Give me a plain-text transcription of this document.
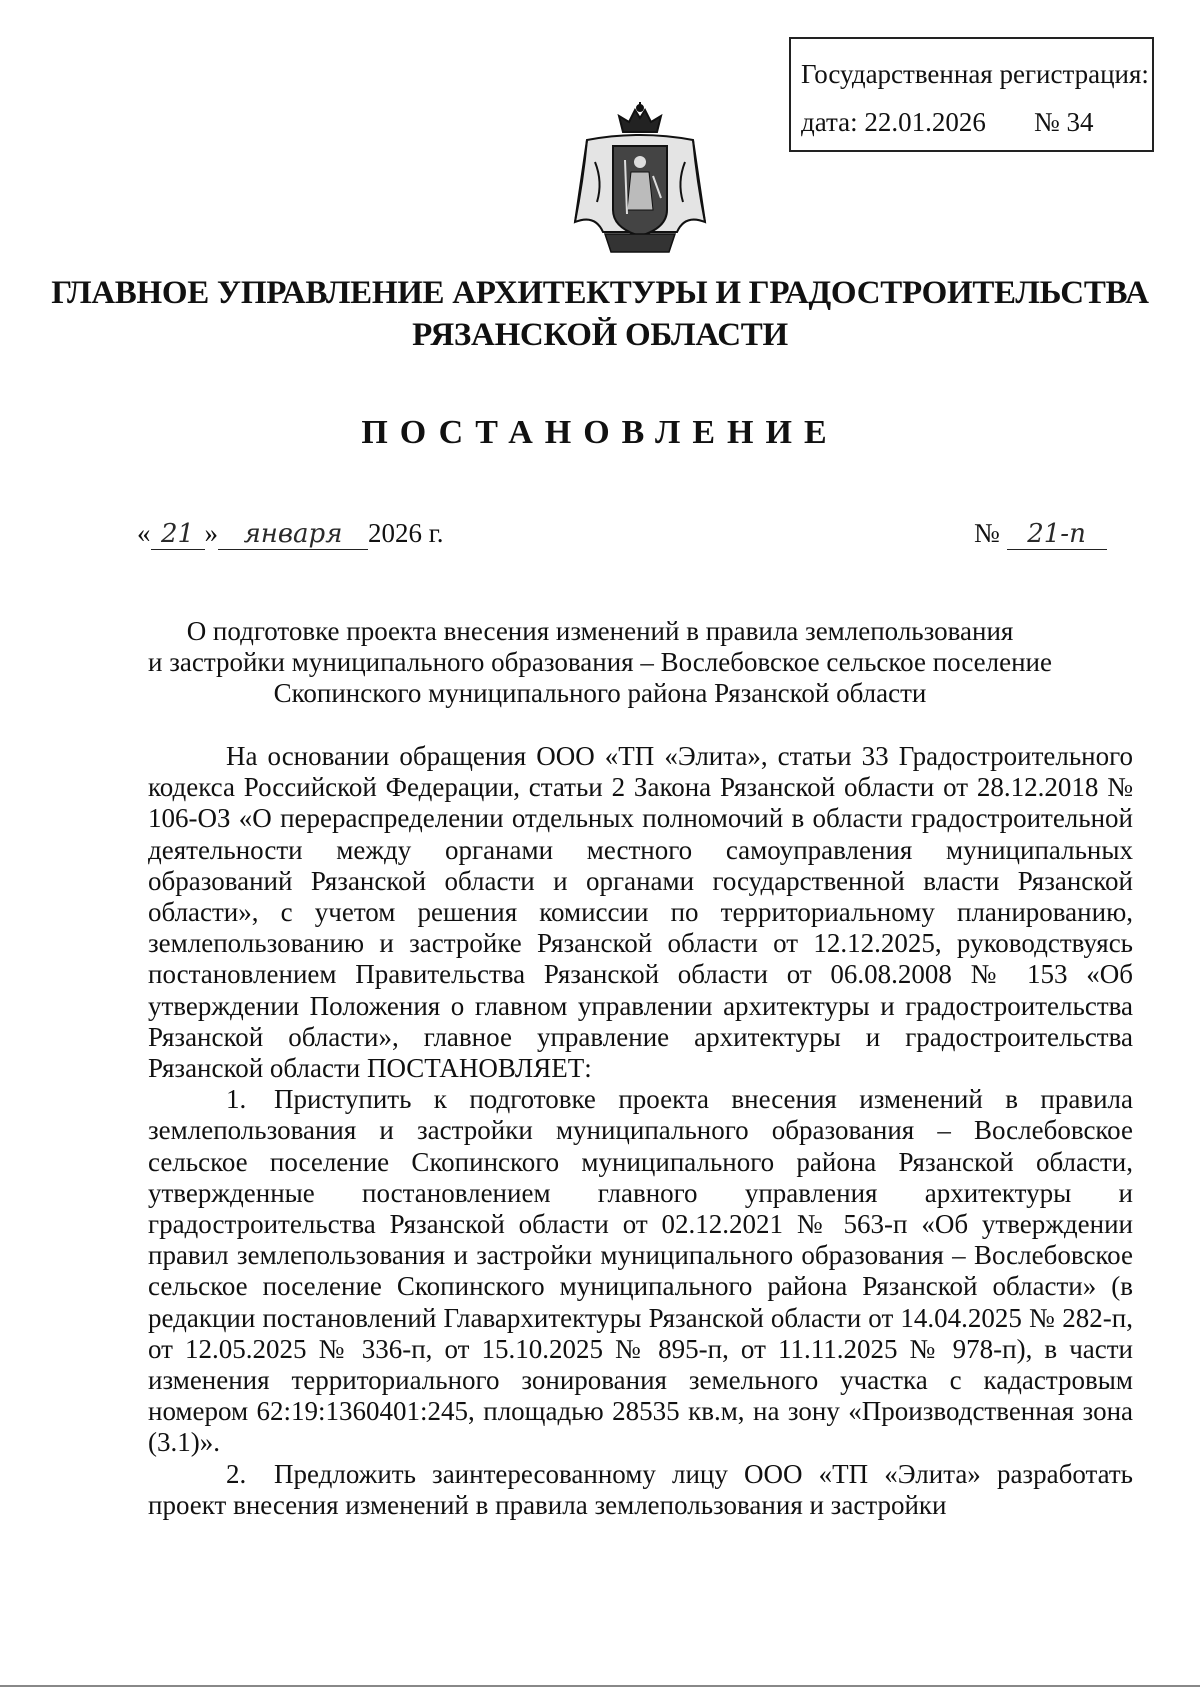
Государственная регистрация:
дата: 22.01.2026 № 34
ГЛАВНОЕ УПРАВЛЕНИЕ АРХИТЕКТУРЫ И ГРАДОСТРОИТЕЛЬСТВА
РЯЗАНСКОЙ ОБЛАСТИ
ПОСТАНОВЛЕНИЕ
« 21 » января 2026 г.	№ 21-п
О подготовке проекта внесения изменений в правила землепользования
и застройки муниципального образования – Вослебовское сельское поселение
Скопинского муниципального района Рязанской области

На основании обращения ООО «ТП «Элита», статьи 33 Градостроительного кодекса Российской Федерации, статьи 2 Закона Рязанской области от 28.12.2018 № 106-ОЗ «О перераспределении отдельных полномочий в области градостроительной деятельности между органами местного самоуправления муниципальных образований Рязанской области и органами государственной власти Рязанской области», с учетом решения комиссии по территориальному планированию, землепользованию и застройке Рязанской области от 12.12.2025, руководствуясь постановлением Правительства Рязанской области от 06.08.2008 № 153 «Об утверждении Положения о главном управлении архитектуры и градостроительства Рязанской области», главное управление архитектуры и градостроительства Рязанской области ПОСТАНОВЛЯЕТ:

1. Приступить к подготовке проекта внесения изменений в правила землепользования и застройки муниципального образования – Вослебовское сельское поселение Скопинского муниципального района Рязанской области, утвержденные постановлением главного управления архитектуры и градостроительства Рязанской области от 02.12.2021 № 563-п «Об утверждении правил землепользования и застройки муниципального образования – Вослебовское сельское поселение Скопинского муниципального района Рязанской области» (в редакции постановлений Главархитектуры Рязанской области от 14.04.2025 № 282-п, от 12.05.2025 № 336-п, от 15.10.2025 № 895-п, от 11.11.2025 № 978-п), в части изменения территориального зонирования земельного участка с кадастровым номером 62:19:1360401:245, площадью 28535 кв.м, на зону «Производственная зона (3.1)».

2. Предложить заинтересованному лицу ООО «ТП «Элита» разработать проект внесения изменений в правила землепользования и застройки
